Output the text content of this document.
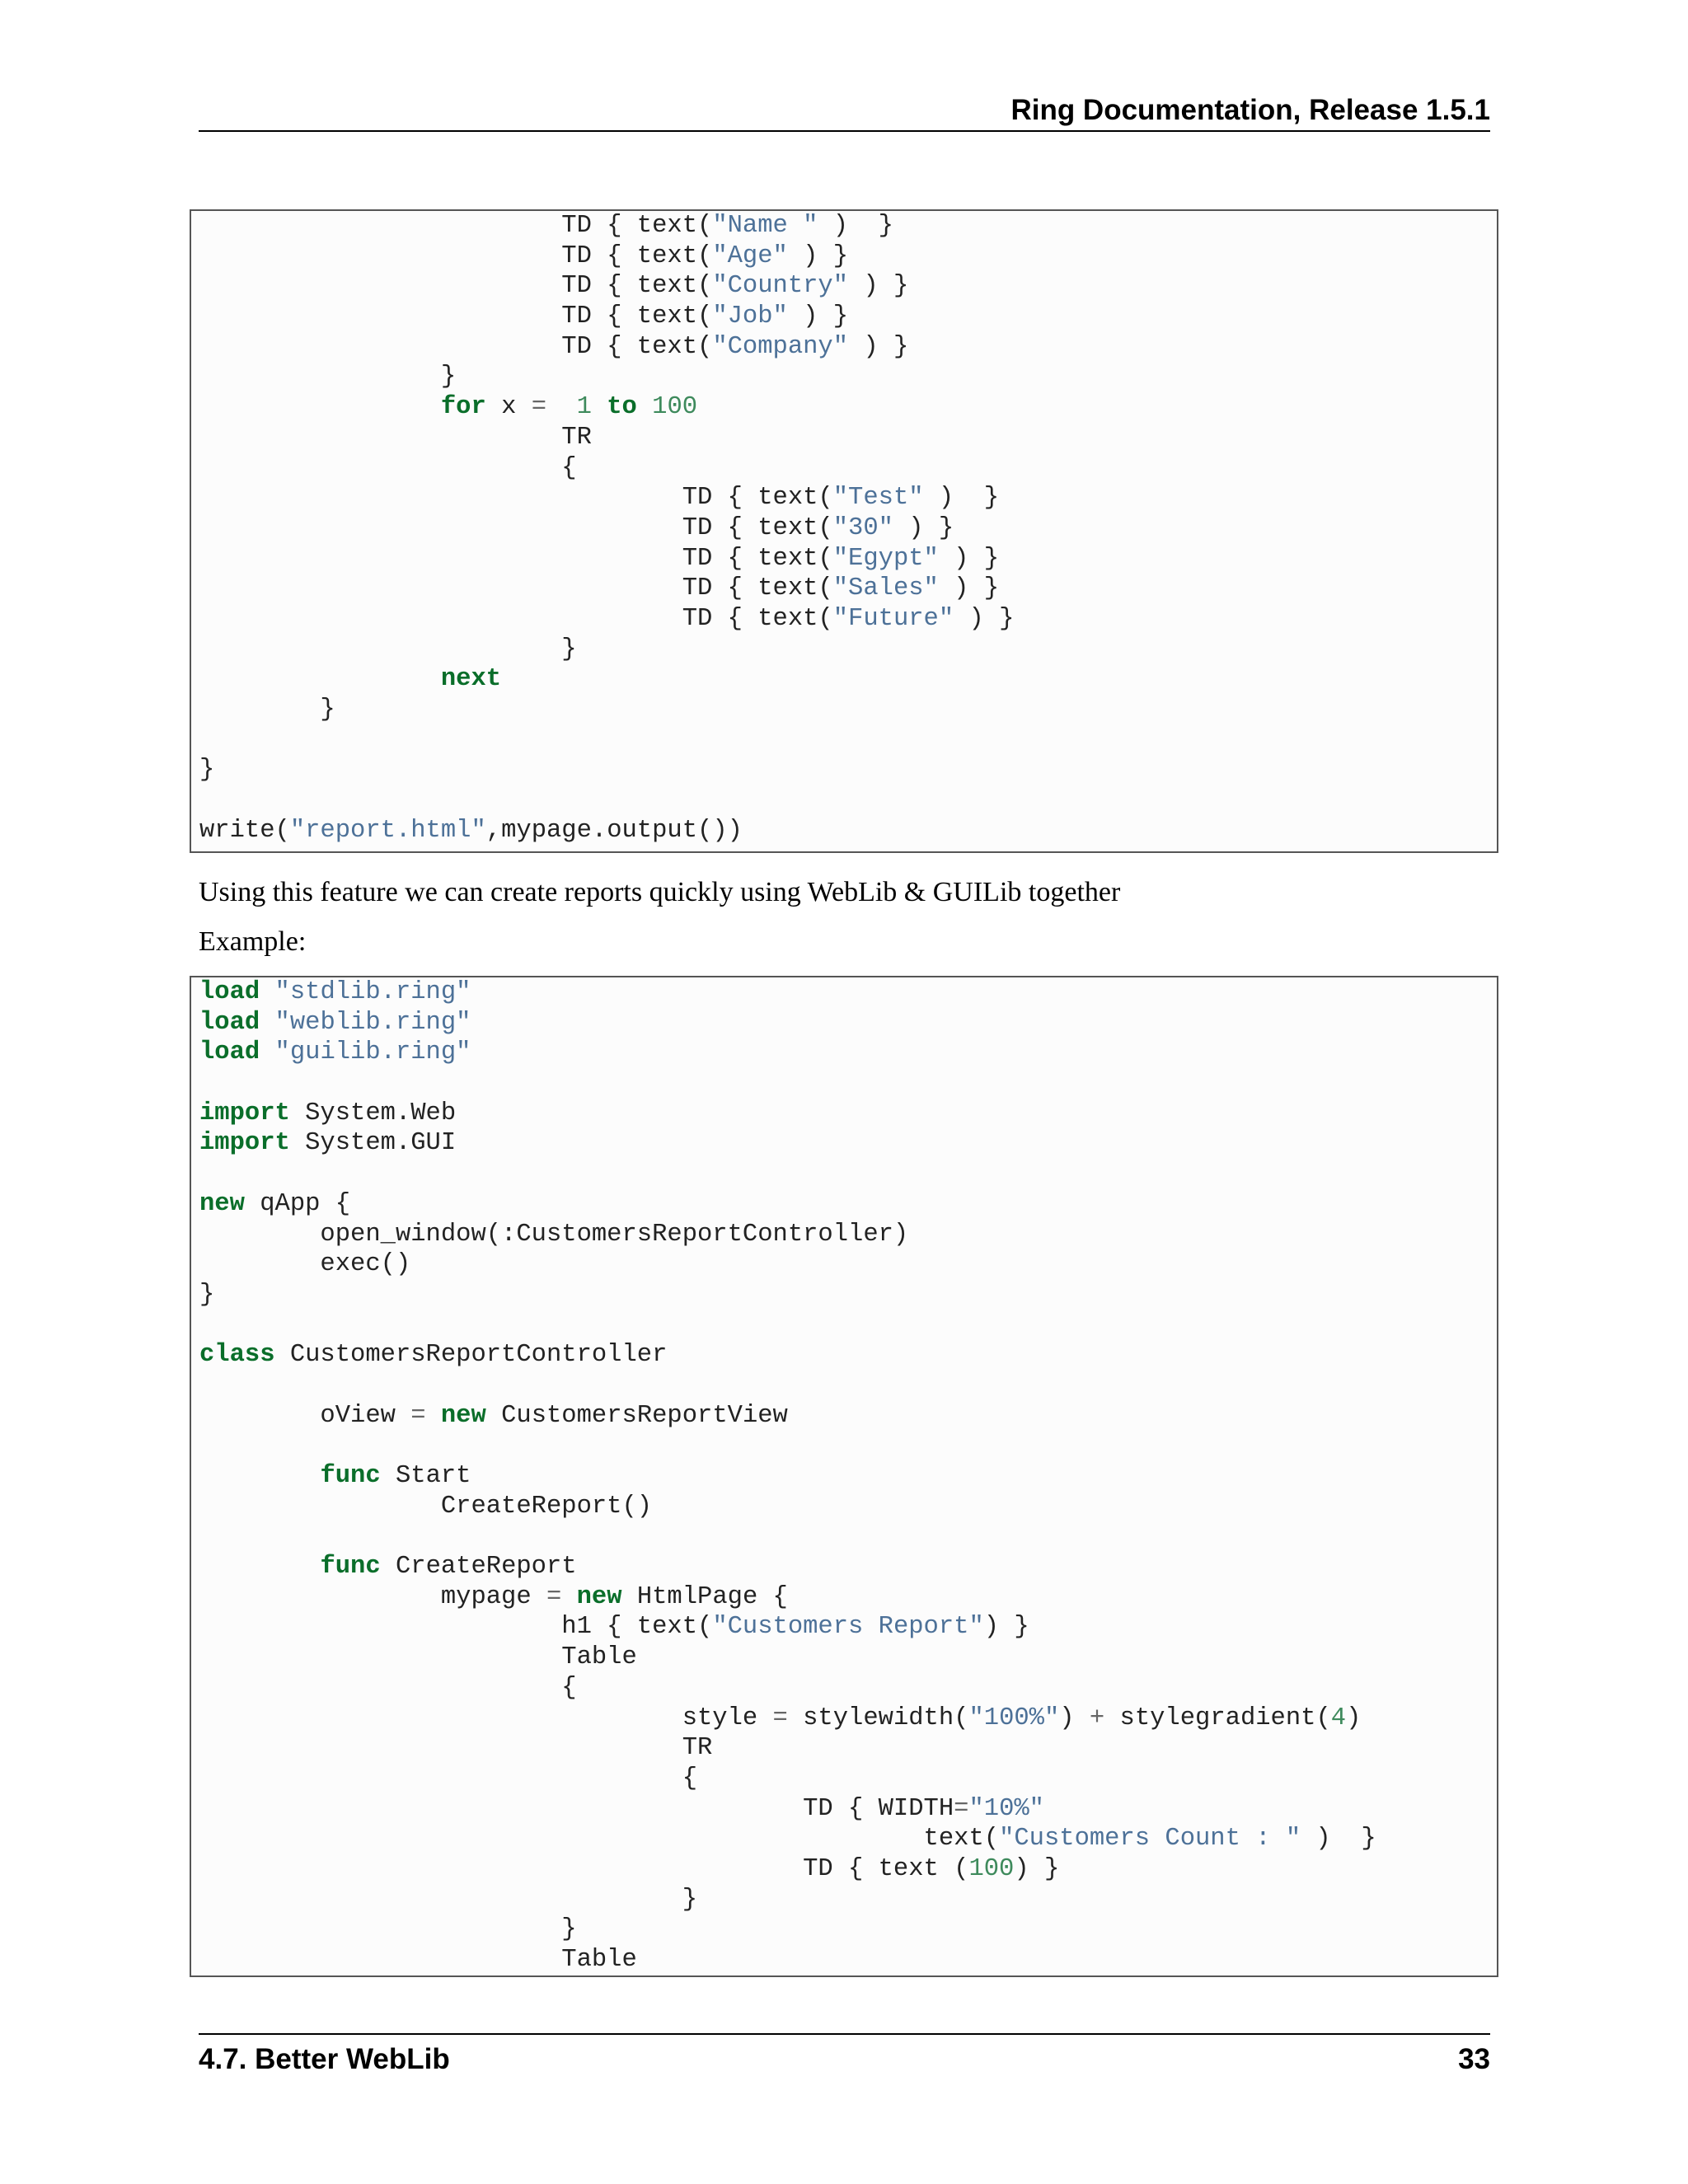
Ring Documentation, Release 1.5.1
TD { text("Name " )  }
TD { text("Age" ) }
TD { text("Country" ) }
TD { text("Job" ) }
TD { text("Company" ) }
}
for x = 1 to 100
TR
{
TD { text("Test" )  }
TD { text("30" ) }
TD { text("Egypt" ) }
TD { text("Sales" ) }
TD { text("Future" ) }
}
next
}

}

write("report.html",mypage.output())
Using this feature we can create reports quickly using WebLib & GUILib together
Example:
load "stdlib.ring"
load "weblib.ring"
load "guilib.ring"

import System.Web
import System.GUI

new qApp {
open_window(:CustomersReportController)
exec()
}

class CustomersReportController

oView = new CustomersReportView

func Start
CreateReport()

func CreateReport
mypage = new HtmlPage {
h1 { text("Customers Report") }
Table
{
style = stylewidth("100%") + stylegradient(4)
TR
{
TD { WIDTH="10%"
text("Customers Count : " )  }
TD { text (100) }
}
}
Table
4.7. Better WebLib	33
